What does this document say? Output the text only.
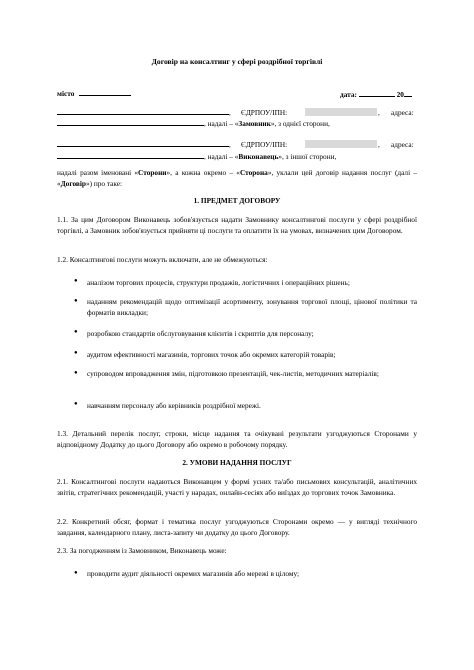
Договір на консалтинг у сфері роздрібної торгівлі
місто	дата:	20
, ЄДРПОУ/ІПН:	, адреса:
, надалі – «Замовник», з однієї сторони,
, ЄДРПОУ/ІПН:	, адреса:
, надалі – «Виконавець», з іншої сторони,
надалі разом іменовані «Сторони», а кожна окремо – «Сторона», уклали цей договір надання послуг (далі – «Договір») про таке:
1. ПРЕДМЕТ ДОГОВОРУ
1.1. За цим Договором Виконавець зобов'язується надати Замовнику консалтингові послуги у сфері роздрібної торгівлі, а Замовник зобов'язується прийняти ці послуги та оплатити їх на умовах, визначених цим Договором.
1.2. Консалтингові послуги можуть включати, але не обмежуються:
● аналізом торгових процесів, структури продажів, логістичних і операційних рішень;
● наданням рекомендацій щодо оптимізації асортименту, зонування торгової площі, цінової політики та форматів викладки;
● розробкою стандартів обслуговування клієнтів і скриптів для персоналу;
● аудитом ефективності магазинів, торгових точок або окремих категорій товарів;
● супроводом впровадження змін, підготовкою презентацій, чек-листів, методичних матеріалів;
● навчанням персоналу або керівників роздрібної мережі.
1.3. Детальний перелік послуг, строки, місце надання та очікувані результати узгоджуються Сторонами у відповідному Додатку до цього Договору або окремо в робочому порядку.
2. УМОВИ НАДАННЯ ПОСЛУГ
2.1. Консалтингові послуги надаються Виконавцем у формі усних та/або письмових консультацій, аналітичних звітів, стратегічних рекомендацій, участі у нарадах, онлайн-сесіях або виїздах до торгових точок Замовника.
2.2. Конкретний обсяг, формат і тематика послуг узгоджуються Сторонами окремо — у вигляді технічного завдання, календарного плану, листа-запиту чи додатку до цього Договору.
2.3. За погодженням із Замовником, Виконавець може:
● проводити аудит діяльності окремих магазинів або мережі в цілому;
